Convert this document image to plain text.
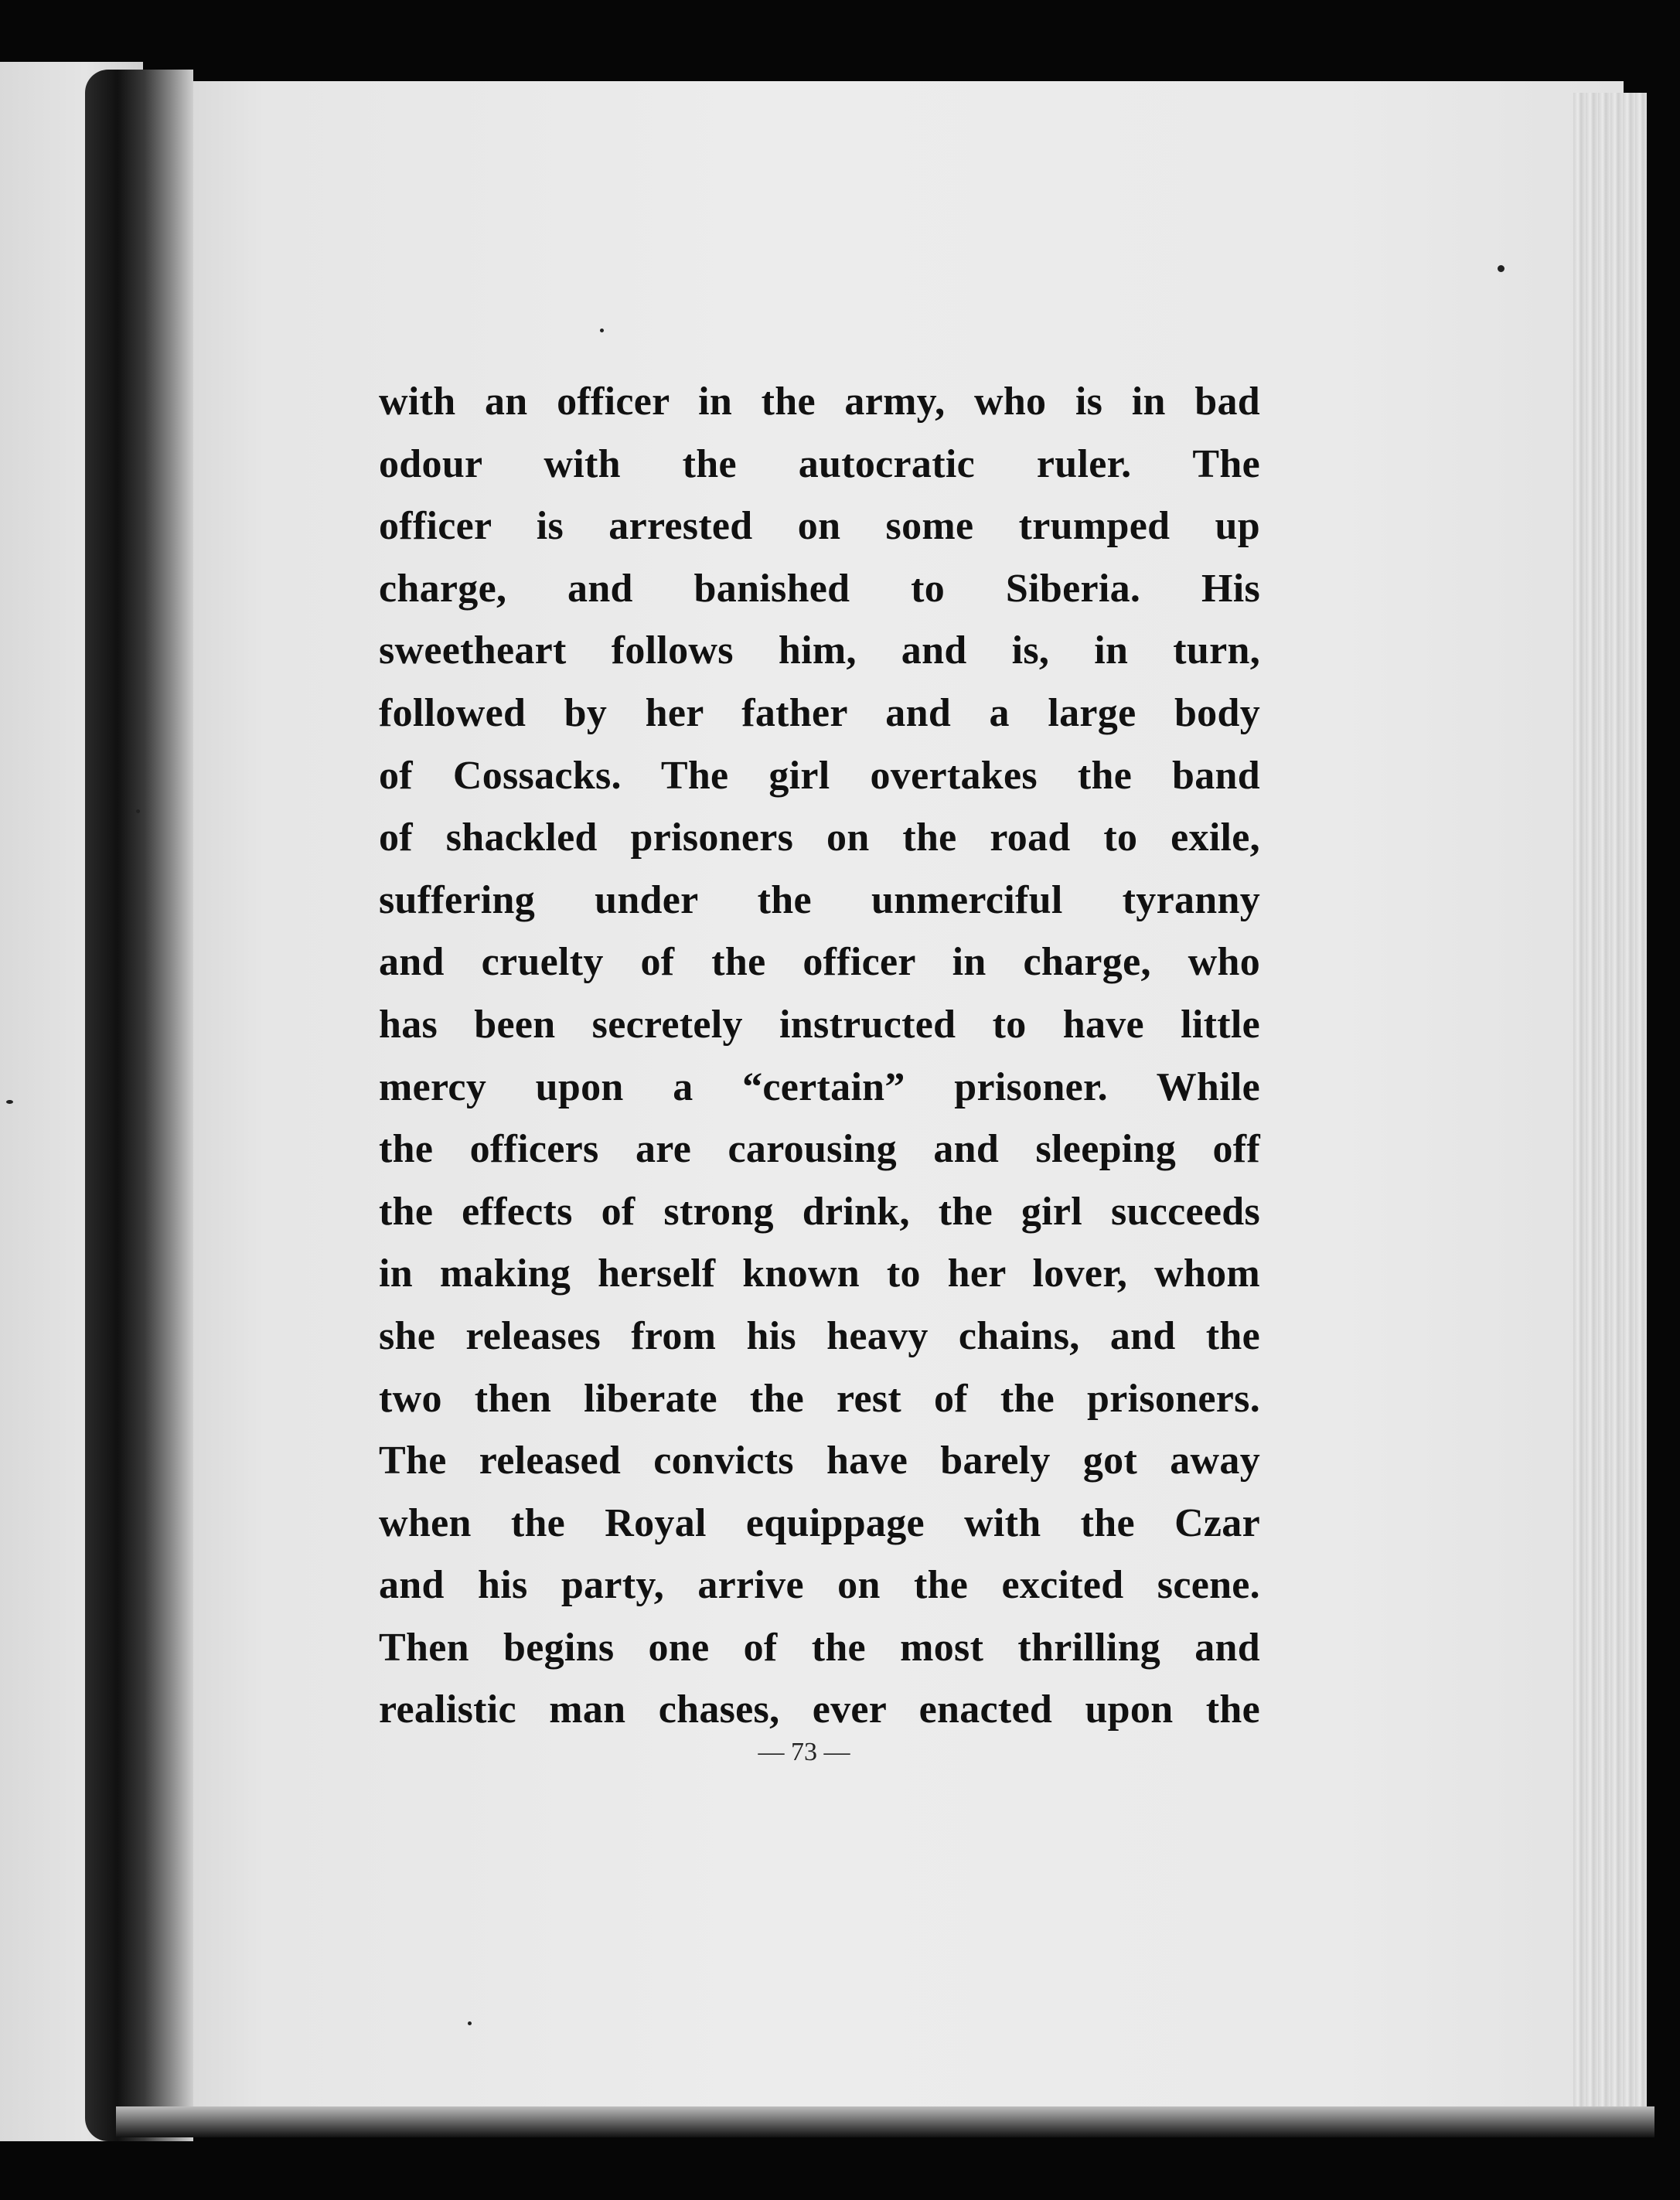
with an officer in the army, who is in bad
odour with the autocratic ruler. The
officer is arrested on some trumped up
charge, and banished to Siberia. His
sweetheart follows him, and is, in turn,
followed by her father and a large body
of Cossacks. The girl overtakes the band
of shackled prisoners on the road to exile,
suffering under the unmerciful tyranny
and cruelty of the officer in charge, who
has been secretely instructed to have little
mercy upon a “certain” prisoner. While
the officers are carousing and sleeping off
the effects of strong drink, the girl succeeds
in making herself known to her lover, whom
she releases from his heavy chains, and the
two then liberate the rest of the prisoners.
The released convicts have barely got away
when the Royal equippage with the Czar
and his party, arrive on the excited scene.
Then begins one of the most thrilling and
realistic man chases, ever enacted upon the
— 73 —
